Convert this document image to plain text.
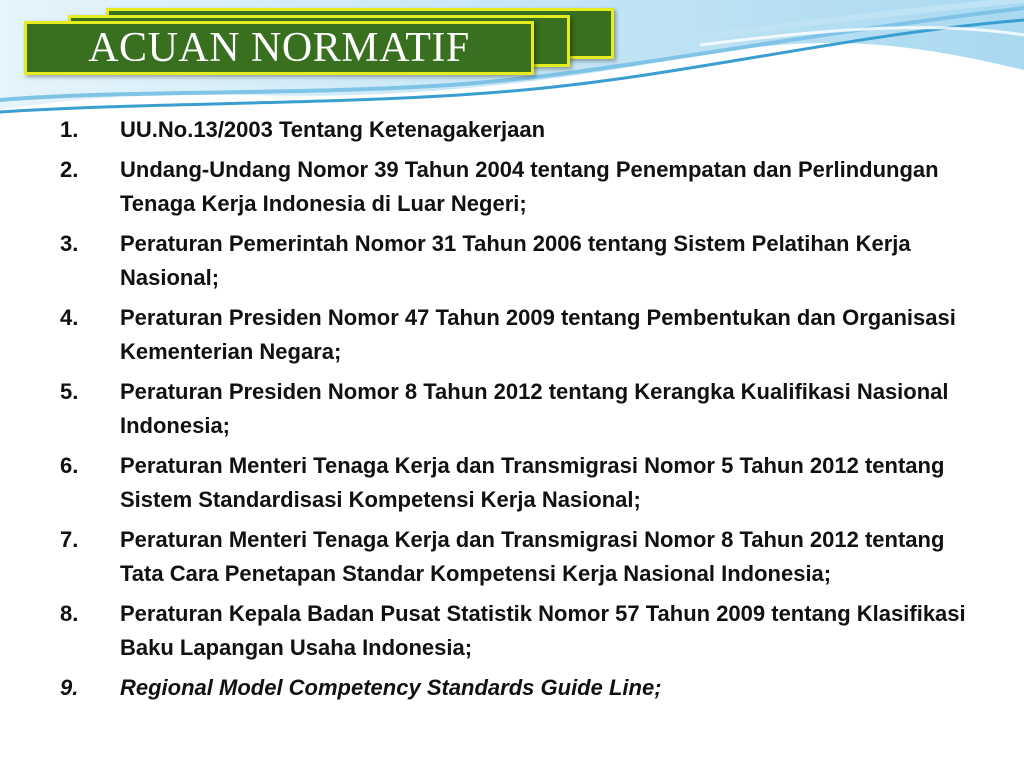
ACUAN NORMATIF
1.	UU.No.13/2003 Tentang Ketenagakerjaan
2.	Undang-Undang Nomor 39 Tahun 2004 tentang Penempatan dan Perlindungan Tenaga Kerja Indonesia di Luar Negeri;
3.	Peraturan Pemerintah Nomor 31 Tahun 2006 tentang Sistem Pelatihan Kerja Nasional;
4.	Peraturan Presiden Nomor 47 Tahun 2009 tentang Pembentukan dan Organisasi Kementerian Negara;
5.	Peraturan Presiden Nomor 8 Tahun 2012 tentang Kerangka Kualifikasi Nasional Indonesia;
6.	Peraturan Menteri Tenaga Kerja dan Transmigrasi Nomor 5 Tahun 2012 tentang Sistem Standardisasi Kompetensi Kerja Nasional;
7.	Peraturan Menteri Tenaga Kerja dan Transmigrasi Nomor 8 Tahun 2012 tentang Tata Cara Penetapan Standar Kompetensi Kerja Nasional Indonesia;
8.	Peraturan Kepala Badan Pusat Statistik Nomor 57 Tahun 2009 tentang Klasifikasi Baku Lapangan Usaha Indonesia;
9.	Regional Model Competency Standards Guide Line;
